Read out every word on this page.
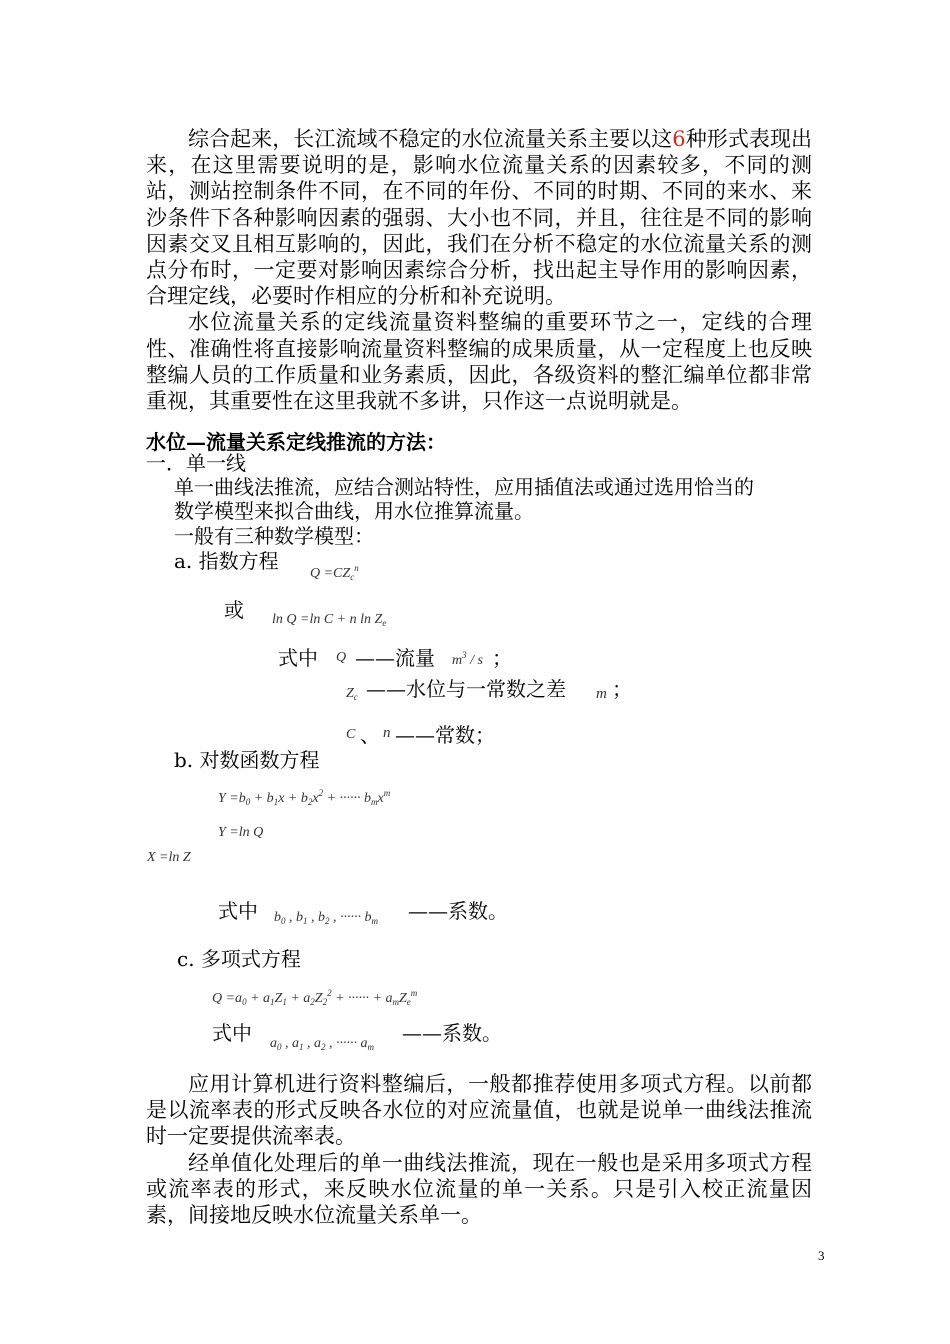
综合起来，长江流域不稳定的水位流量关系主要以这6种形式表现出来，在这里需要说明的是，影响水位流量关系的因素较多，不同的测站，测站控制条件不同，在不同的年份、不同的时期、不同的来水、来沙条件下各种影响因素的强弱、大小也不同，并且，往往是不同的影响因素交叉且相互影响的，因此，我们在分析不稳定的水位流量关系的测点分布时，一定要对影响因素综合分析，找出起主导作用的影响因素，合理定线，必要时作相应的分析和补充说明。

水位流量关系的定线流量资料整编的重要环节之一，定线的合理性、准确性将直接影响流量资料整编的成果质量，从一定程度上也反映整编人员的工作质量和业务素质，因此，各级资料的整汇编单位都非常重视，其重要性在这里我就不多讲，只作这一点说明就是。

水位—流量关系定线推流的方法：
一．单一线
单一曲线法推流，应结合测站特性，应用插值法或通过选用恰当的
数学模型来拟合曲线，用水位推算流量。
一般有三种数学模型：
a. 指数方程
$Q =CZ_c^n$
或 ln Q =ln C + n $\ln Z_e$
式中 Q ——流量 $m^3$ / s ；
$Z_c$ ——水位与一常数之差 m ；
C 、 n ——常数；
b. 对数函数方程
$Y =b_0 + b_1x + b_2x^2$ + ······ $b_mx^m$
Y =ln Q
X =ln Z
式中 $b_0$ , $b_1$ , $b_2$ , ······ $b_m$ ——系数。
c. 多项式方程
$Q =a_0 + a_1Z_1 + a_2Z_2^2$ + ······ + $a_mZ_e^m$
式中 $a_0$ , $a_1$ , $a_2$ , ······ $a_m$
——系数。

应用计算机进行资料整编后，一般都推荐使用多项式方程。以前都是以流率表的形式反映各水位的对应流量值，也就是说单一曲线法推流时一定要提供流率表。

经单值化处理后的单一曲线法推流，现在一般也是采用多项式方程或流率表的形式，来反映水位流量的单一关系。只是引入校正流量因素，间接地反映水位流量关系单一。

3
